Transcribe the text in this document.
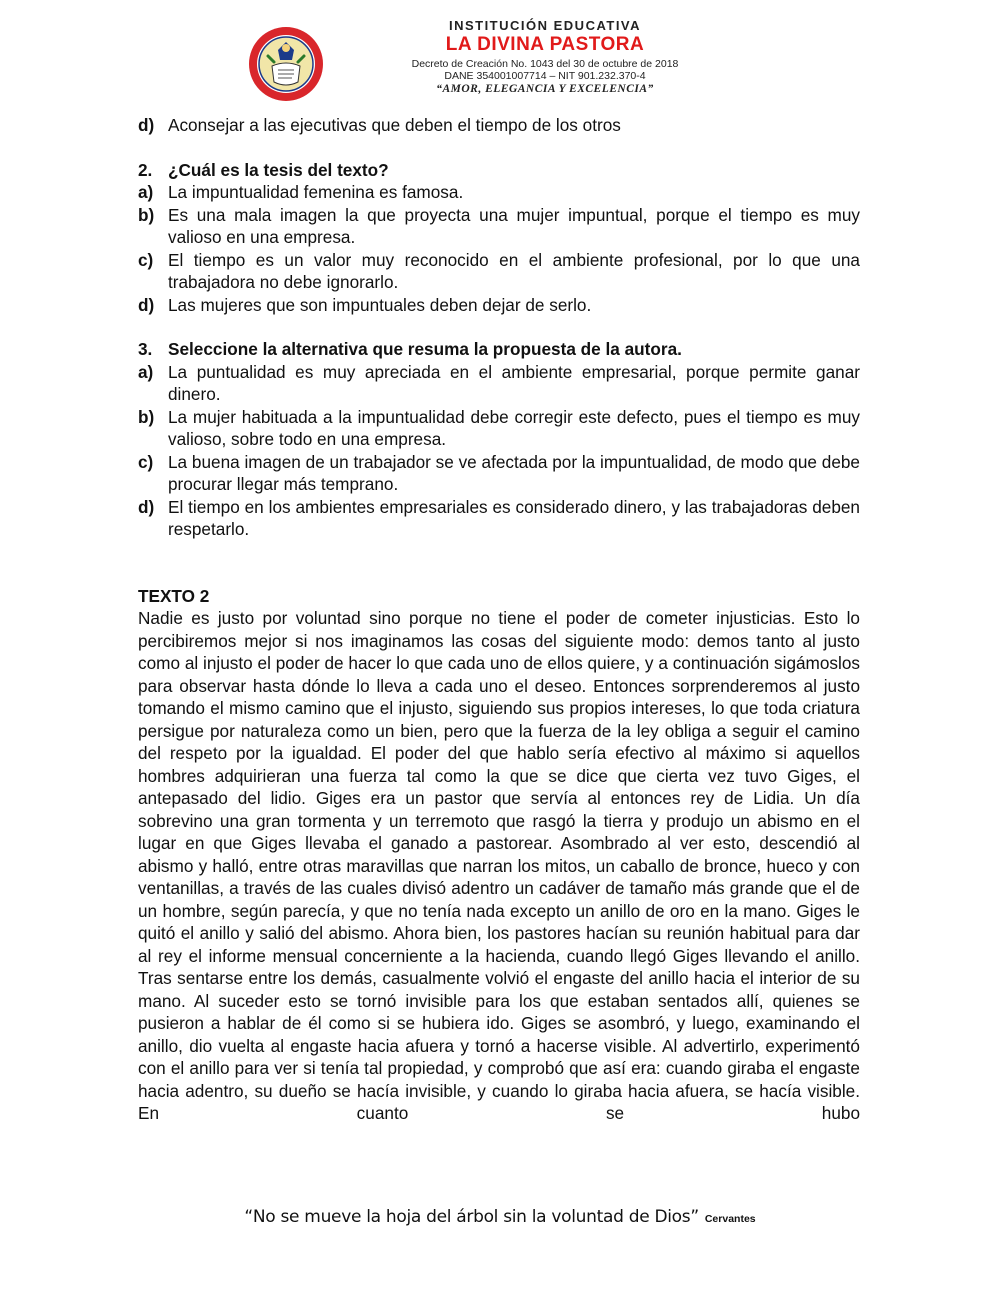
INSTITUCIÓN EDUCATIVA
LA DIVINA PASTORA
Decreto de Creación No. 1043 del 30 de octubre de 2018
DANE 354001007714 – NIT 901.232.370-4
“AMOR, ELEGANCIA Y EXCELENCIA”
d) Aconsejar a las ejecutivas que deben el tiempo de los otros
2. ¿Cuál es la tesis del texto?
a) La impuntualidad femenina es famosa.
b) Es una mala imagen la que proyecta una mujer impuntual, porque el tiempo es muy valioso en una empresa.
c) El tiempo es un valor muy reconocido en el ambiente profesional, por lo que una trabajadora no debe ignorarlo.
d) Las mujeres que son impuntuales deben dejar de serlo.
3. Seleccione la alternativa que resuma la propuesta de la autora.
a) La puntualidad es muy apreciada en el ambiente empresarial, porque permite ganar dinero.
b) La mujer habituada a la impuntualidad debe corregir este defecto, pues el tiempo es muy valioso, sobre todo en una empresa.
c) La buena imagen de un trabajador se ve afectada por la impuntualidad, de modo que debe procurar llegar más temprano.
d) El tiempo en los ambientes empresariales es considerado dinero, y las trabajadoras deben respetarlo.
TEXTO 2
Nadie es justo por voluntad sino porque no tiene el poder de cometer injusticias. Esto lo percibiremos mejor si nos imaginamos las cosas del siguiente modo: demos tanto al justo como al injusto el poder de hacer lo que cada uno de ellos quiere, y a continuación sigámoslos para observar hasta dónde lo lleva a cada uno el deseo. Entonces sorprenderemos al justo tomando el mismo camino que el injusto, siguiendo sus propios intereses, lo que toda criatura persigue por naturaleza como un bien, pero que la fuerza de la ley obliga a seguir el camino del respeto por la igualdad. El poder del que hablo sería efectivo al máximo si aquellos hombres adquirieran una fuerza tal como la que se dice que cierta vez tuvo Giges, el antepasado del lidio. Giges era un pastor que servía al entonces rey de Lidia. Un día sobrevino una gran tormenta y un terremoto que rasgó la tierra y produjo un abismo en el lugar en que Giges llevaba el ganado a pastorear. Asombrado al ver esto, descendió al abismo y halló, entre otras maravillas que narran los mitos, un caballo de bronce, hueco y con ventanillas, a través de las cuales divisó adentro un cadáver de tamaño más grande que el de un hombre, según parecía, y que no tenía nada excepto un anillo de oro en la mano. Giges le quitó el anillo y salió del abismo. Ahora bien, los pastores hacían su reunión habitual para dar al rey el informe mensual concerniente a la hacienda, cuando llegó Giges llevando el anillo. Tras sentarse entre los demás, casualmente volvió el engaste del anillo hacia el interior de su mano. Al suceder esto se tornó invisible para los que estaban sentados allí, quienes se pusieron a hablar de él como si se hubiera ido. Giges se asombró, y luego, examinando el anillo, dio vuelta al engaste hacia afuera y tornó a hacerse visible. Al advertirlo, experimentó con el anillo para ver si tenía tal propiedad, y comprobó que así era: cuando giraba el engaste hacia adentro, su dueño se hacía invisible, y cuando lo giraba hacia afuera, se hacía visible. En cuanto se hubo
“No se mueve la hoja del árbol sin la voluntad de Dios” Cervantes
